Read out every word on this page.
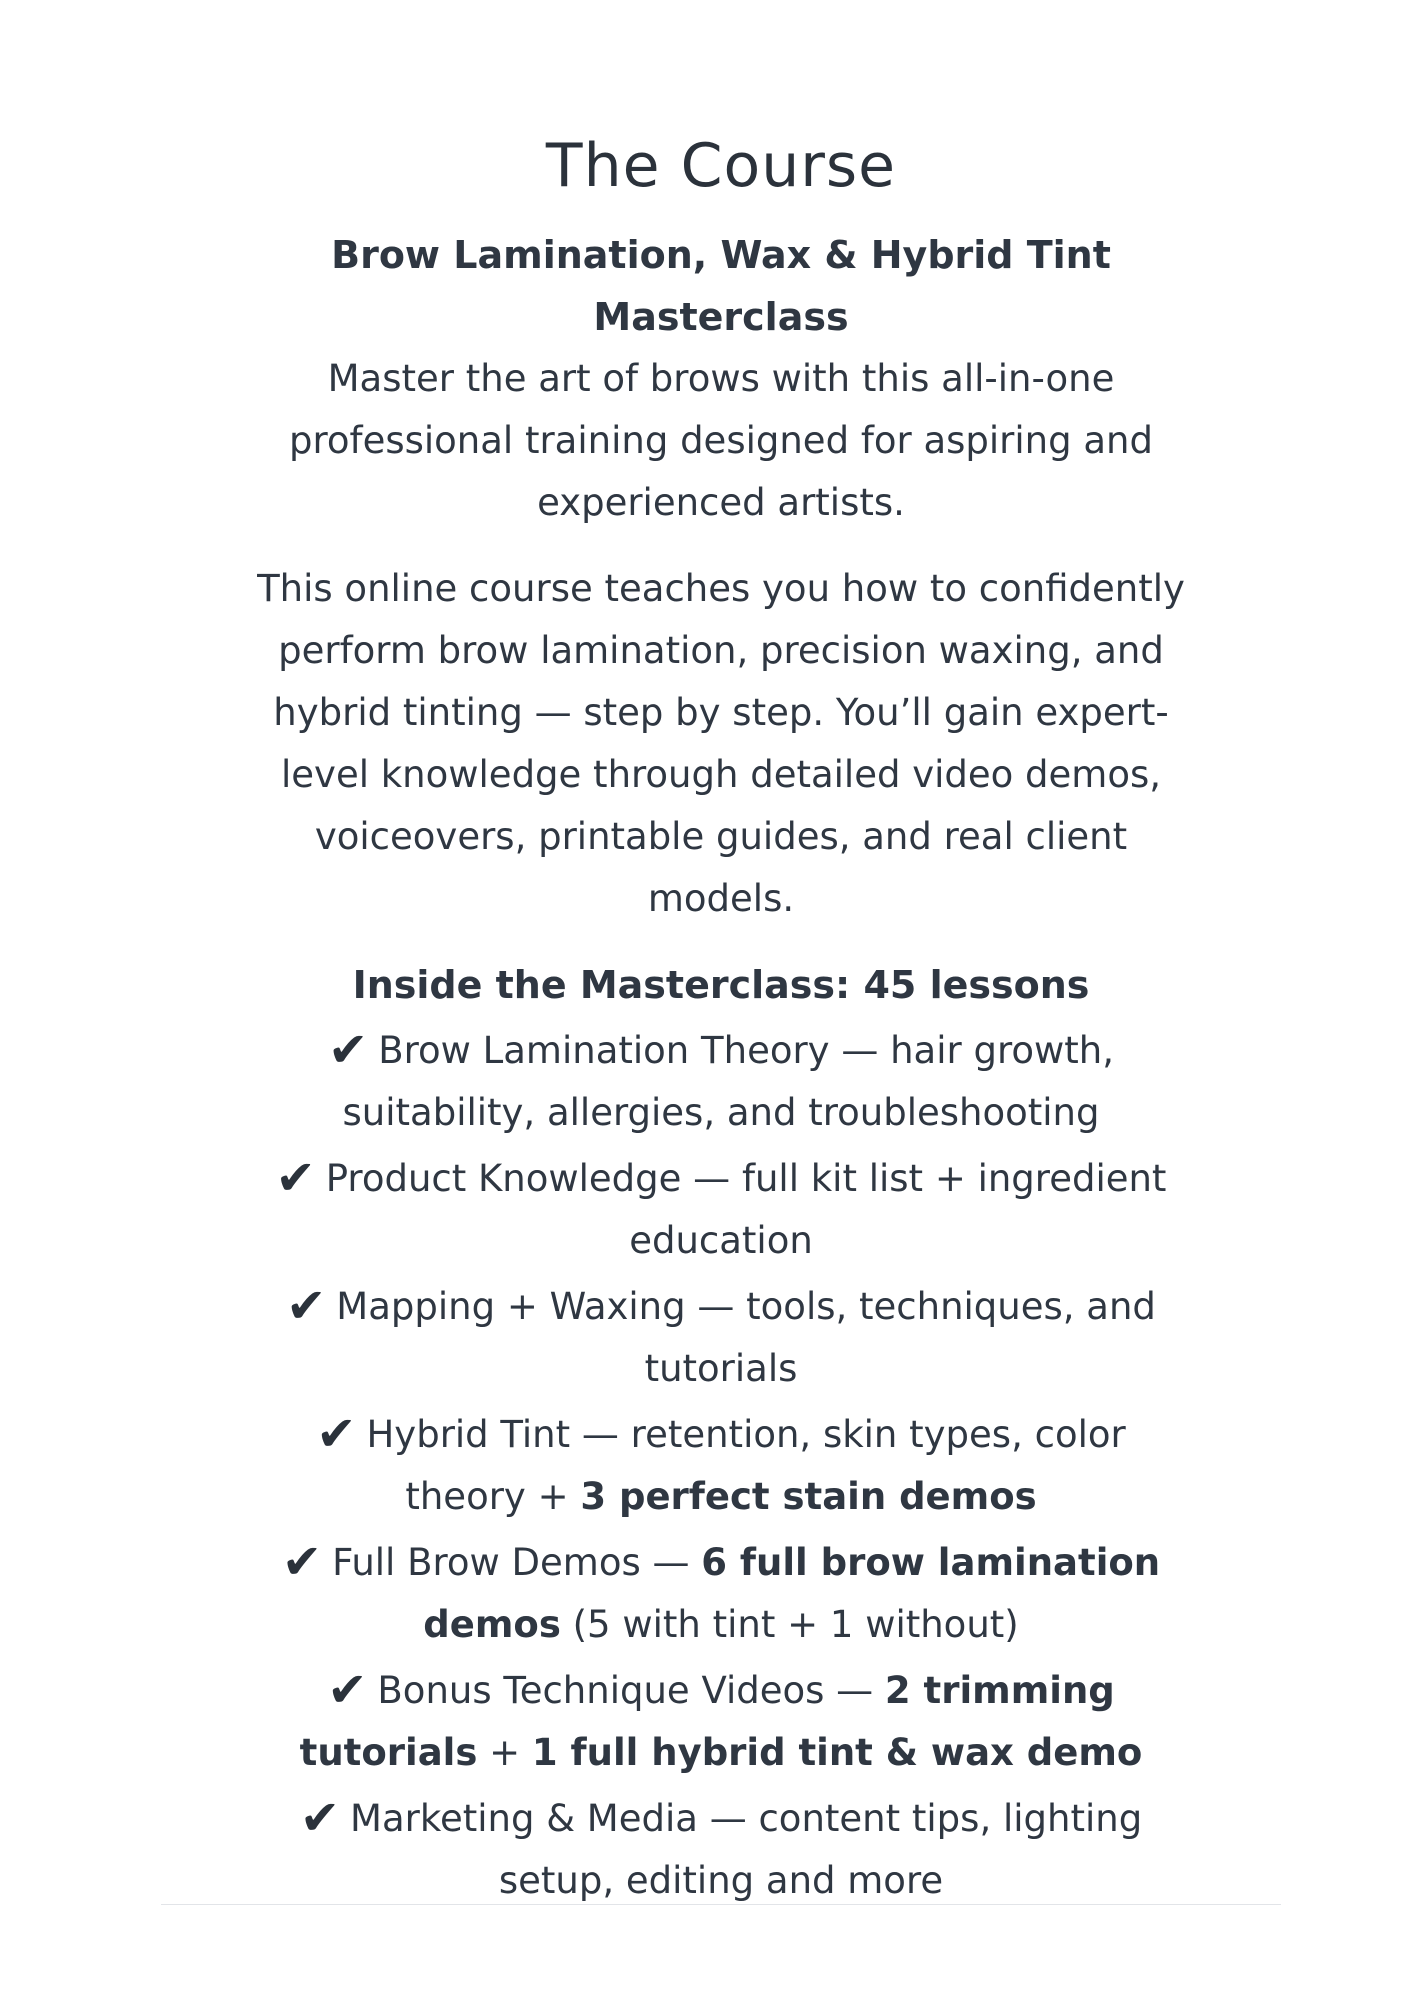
The Course
Brow Lamination, Wax & Hybrid Tint Masterclass
Master the art of brows with this all-in-one professional training designed for aspiring and experienced artists.
This online course teaches you how to confidently perform brow lamination, precision waxing, and hybrid tinting — step by step. You’ll gain expert-level knowledge through detailed video demos, voiceovers, printable guides, and real client models.
Inside the Masterclass: 45 lessons
✔ Brow Lamination Theory — hair growth, suitability, allergies, and troubleshooting
✔ Product Knowledge — full kit list + ingredient education
✔ Mapping + Waxing — tools, techniques, and tutorials
✔ Hybrid Tint — retention, skin types, color theory + 3 perfect stain demos
✔ Full Brow Demos — 6 full brow lamination demos (5 with tint + 1 without)
✔ Bonus Technique Videos — 2 trimming tutorials + 1 full hybrid tint & wax demo
✔ Marketing & Media — content tips, lighting setup, editing and more
